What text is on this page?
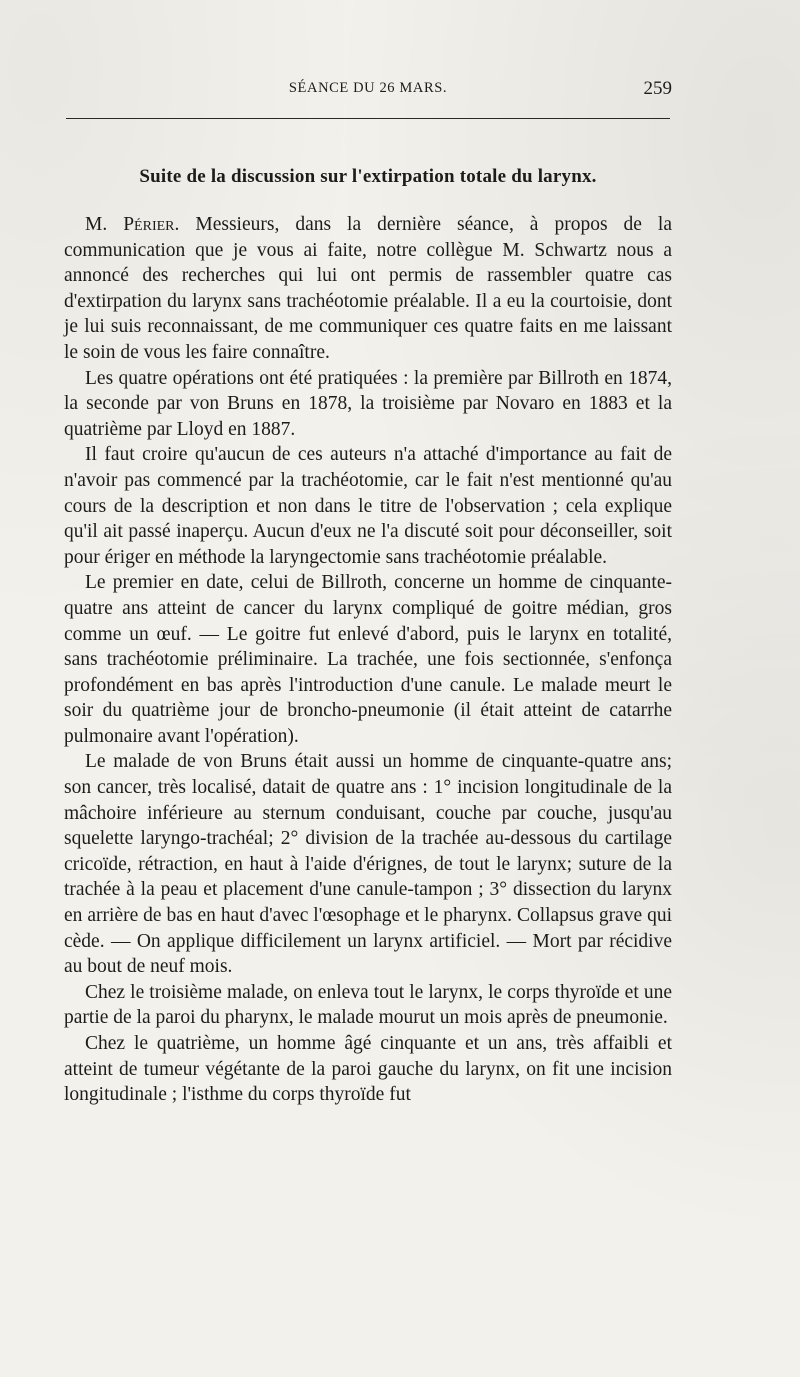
SÉANCE DU 26 MARS.	259
Suite de la discussion sur l'extirpation totale du larynx.

M. Périer. Messieurs, dans la dernière séance, à propos de la communication que je vous ai faite, notre collègue M. Schwartz nous a annoncé des recherches qui lui ont permis de rassembler quatre cas d'extirpation du larynx sans trachéotomie préalable. Il a eu la courtoisie, dont je lui suis reconnaissant, de me communiquer ces quatre faits en me laissant le soin de vous les faire connaître.

Les quatre opérations ont été pratiquées : la première par Billroth en 1874, la seconde par von Bruns en 1878, la troisième par Novaro en 1883 et la quatrième par Lloyd en 1887.

Il faut croire qu'aucun de ces auteurs n'a attaché d'importance au fait de n'avoir pas commencé par la trachéotomie, car le fait n'est mentionné qu'au cours de la description et non dans le titre de l'observation ; cela explique qu'il ait passé inaperçu. Aucun d'eux ne l'a discuté soit pour déconseiller, soit pour ériger en méthode la laryngectomie sans trachéotomie préalable.

Le premier en date, celui de Billroth, concerne un homme de cinquante-quatre ans atteint de cancer du larynx compliqué de goitre médian, gros comme un œuf. — Le goitre fut enlevé d'abord, puis le larynx en totalité, sans trachéotomie préliminaire. La trachée, une fois sectionnée, s'enfonça profondément en bas après l'introduction d'une canule. Le malade meurt le soir du quatrième jour de broncho-pneumonie (il était atteint de catarrhe pulmonaire avant l'opération).

Le malade de von Bruns était aussi un homme de cinquante-quatre ans; son cancer, très localisé, datait de quatre ans : 1° incision longitudinale de la mâchoire inférieure au sternum conduisant, couche par couche, jusqu'au squelette laryngo-trachéal; 2° division de la trachée au-dessous du cartilage cricoïde, rétraction, en haut à l'aide d'érignes, de tout le larynx; suture de la trachée à la peau et placement d'une canule-tampon ; 3° dissection du larynx en arrière de bas en haut d'avec l'œsophage et le pharynx. Collapsus grave qui cède. — On applique difficilement un larynx artificiel. — Mort par récidive au bout de neuf mois.

Chez le troisième malade, on enleva tout le larynx, le corps thyroïde et une partie de la paroi du pharynx, le malade mourut un mois après de pneumonie.

Chez le quatrième, un homme âgé cinquante et un ans, très affaibli et atteint de tumeur végétante de la paroi gauche du larynx, on fit une incision longitudinale ; l'isthme du corps thyroïde fut
